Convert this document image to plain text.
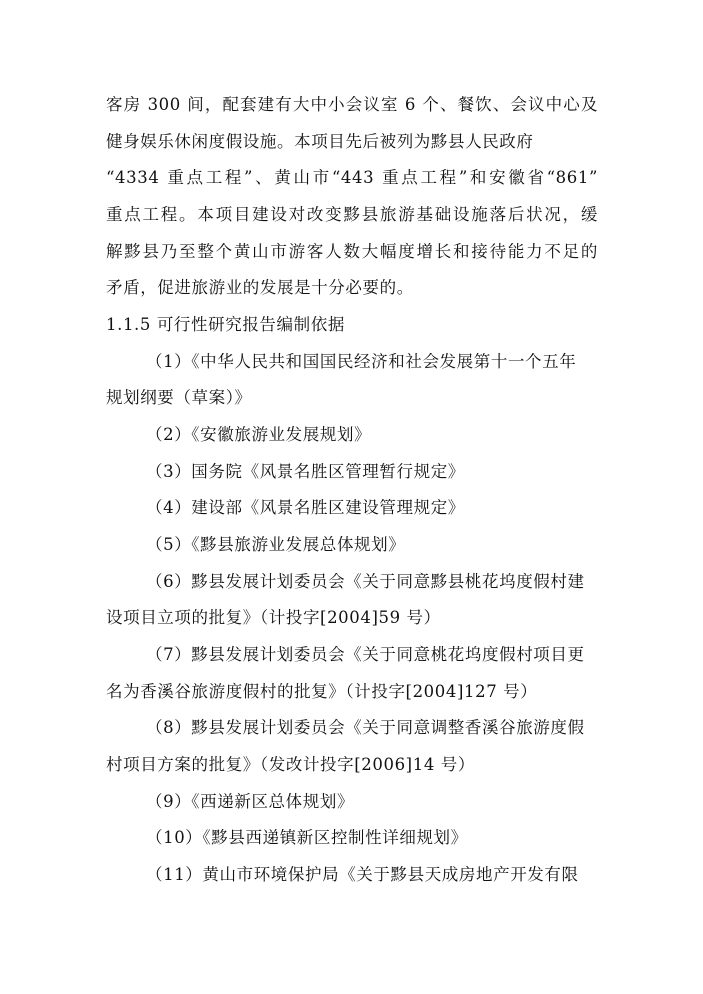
客房 300 间，配套建有大中小会议室 6 个、餐饮、会议中心及
健身娱乐休闲度假设施。本项目先后被列为黟县人民政府
“4334 重点工程”、黄山市“443 重点工程”和安徽省“861”
重点工程。本项目建设对改变黟县旅游基础设施落后状况，缓
解黟县乃至整个黄山市游客人数大幅度增长和接待能力不足的
矛盾，促进旅游业的发展是十分必要的。
1.1.5 可行性研究报告编制依据
（1）《中华人民共和国国民经济和社会发展第十一个五年
规划纲要（草案）》
（2）《安徽旅游业发展规划》
（3）国务院《风景名胜区管理暂行规定》
（4）建设部《风景名胜区建设管理规定》
（5）《黟县旅游业发展总体规划》
（6）黟县发展计划委员会《关于同意黟县桃花坞度假村建
设项目立项的批复》（计投字[2004]59 号）
（7）黟县发展计划委员会《关于同意桃花坞度假村项目更
名为香溪谷旅游度假村的批复》（计投字[2004]127 号）
（8）黟县发展计划委员会《关于同意调整香溪谷旅游度假
村项目方案的批复》（发改计投字[2006]14 号）
（9）《西递新区总体规划》
（10）《黟县西递镇新区控制性详细规划》
（11）黄山市环境保护局《关于黟县天成房地产开发有限
